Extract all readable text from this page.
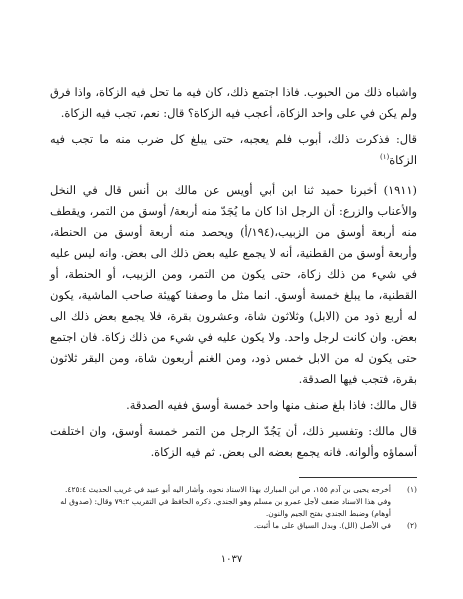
واشباه ذلك من الحبوب. فاذا اجتمع ذلك، كان فيه ما تحل فيه الزكاة، واذا فرق ولم يكن في على واحد الزكاة، أعجب فيه الزكاة؟ قال: نعم، تجب فيه الزكاة.

قال: فذكرت ذلك، أبوب فلم يعجبه، حتى يبلغ كل ضرب منه ما تجب فيه الزكاة$^{(١)}$

(١٩١١) أخبرنا حميد ثنا ابن أبي أويس عن مالك بن أنس قال في النخل والأعناب والزرع: أن الرجل اذا كان ما يُجَدّ منه أربعة/ أوسق من التمر، ويقطف منه أربعة أوسق من الزبيب،(١٩٤/أ) ويحصد منه أربعة أوسق من الحنطة، وأربعة أوسق من القطنية، أنه لا يجمع عليه بعض ذلك الى بعض. وانه ليس عليه في شيء من ذلك زكاة، حتى يكون من التمر، ومن الزبيب، أو الحنطة، أو القطنية، ما يبلغ خمسة أوسق. انما مثل ما وصفنا كهيئة صاحب الماشية، يكون له أربع ذود من (الابل) وثلاثون شاة، وعشرون بقرة، فلا يجمع بعض ذلك الى بعض. وان كانت لرجل واحد. ولا يكون عليه في شيء من ذلك زكاة. فان اجتمع حتى يكون له من الابل خمس ذود، ومن الغنم أربعون شاة، ومن البقر ثلاثون بقرة، فتجب فيها الصدقة.

قال مالك: فاذا بلغ صنف منها واحد خمسة أوسق ففيه الصدقة.

قال مالك: وتفسير ذلك، أن يَجُدّ الرجل من التمر خمسة أوسق، وان اختلفت أسماؤه وألوانه. فانه يجمع بعضه الى بعض. ثم فيه الزكاة.

(١)أخرجه يحيى بن آدم ١٥٥، ص ابن المبارك بهذا الاسناد نحوه. وأشار اليه أبو عبيد في غريب الحديث ٤٢٥:٤.

وفي هذا الاسناد ضعف لأجل عمرو بن مسلم وهو الجندي. ذكره الحافظ في التقريب ٧٩:٢ وقال: (صدوق له أوهام) وضبط الجندي بفتح الجيم والنون.

(٢)في الأصل (الل). وبدل السياق على ما أثبت.

١٠٣٧
